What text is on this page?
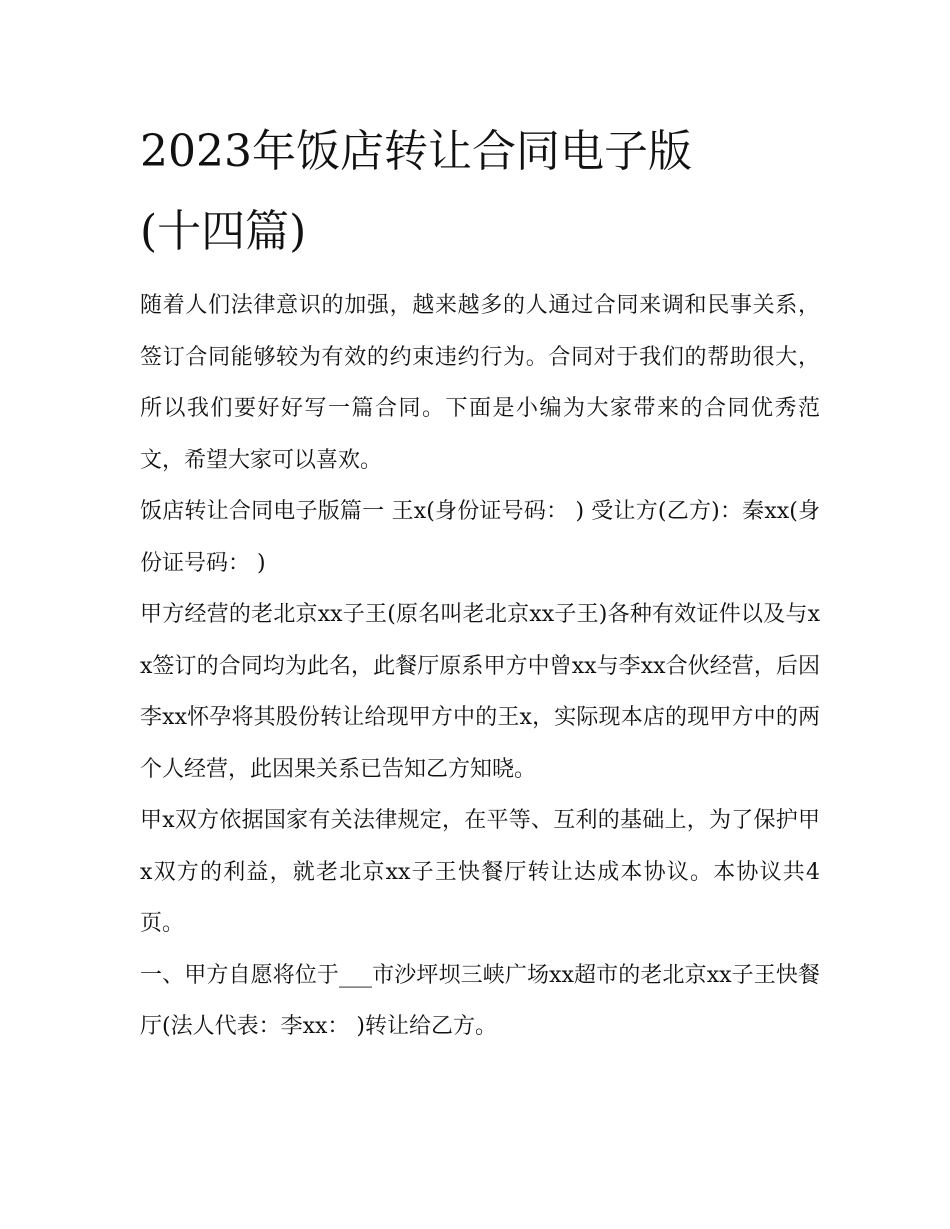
2023年饭店转让合同电子版
(十四篇)

随着人们法律意识的加强，越来越多的人通过合同来调和民事关系，签订合同能够较为有效的约束违约行为。合同对于我们的帮助很大，所以我们要好好写一篇合同。下面是小编为大家带来的合同优秀范文，希望大家可以喜欢。

饭店转让合同电子版篇一 王x(身份证号码： ) 受让方(乙方)：秦xx(身份证号码： )

甲方经营的老北京xx子王(原名叫老北京xx子王)各种有效证件以及与xx签订的合同均为此名，此餐厅原系甲方中曾xx与李xx合伙经营，后因李xx怀孕将其股份转让给现甲方中的王x，实际现本店的现甲方中的两个人经营，此因果关系已告知乙方知晓。

甲x双方依据国家有关法律规定，在平等、互利的基础上，为了保护甲x双方的利益，就老北京xx子王快餐厅转让达成本协议。本协议共4页。

一、甲方自愿将位于___市沙坪坝三峡广场xx超市的老北京xx子王快餐厅(法人代表：李xx： )转让给乙方。
